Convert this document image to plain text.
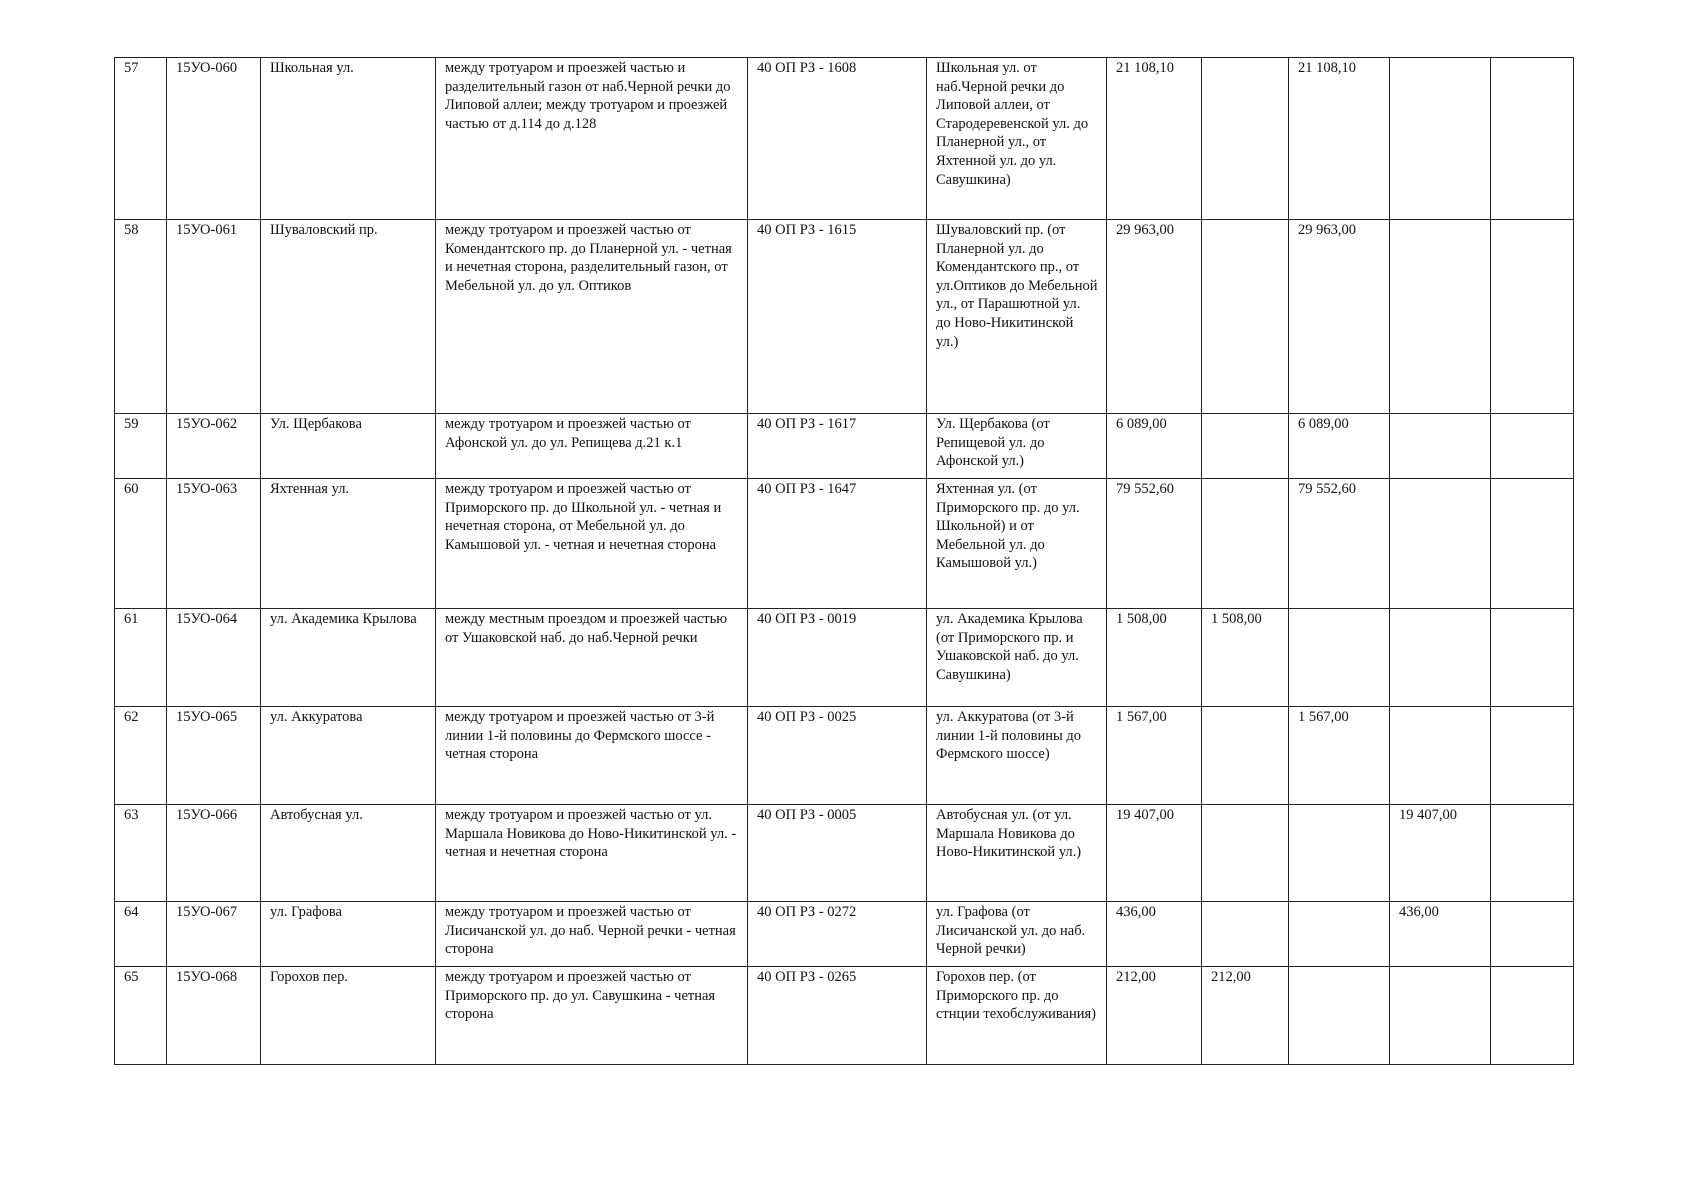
57	15УО-060	Школьная ул.	между тротуаром и проезжей частью и разделительный газон от наб.Черной речки до Липовой аллеи; между тротуаром и проезжей частью от д.114 до д.128	40 ОП РЗ - 1608	Школьная ул. от наб.Черной речки до Липовой аллеи, от Стародеревенской ул. до Планерной ул., от Яхтенной ул. до ул. Савушкина)	21 108,10		21 108,10		
58	15УО-061	Шуваловский пр.	между тротуаром и проезжей частью от Комендантского пр. до Планерной ул. - четная и нечетная сторона, разделительный газон, от Мебельной ул. до ул. Оптиков	40 ОП РЗ - 1615	Шуваловский пр. (от Планерной ул. до Комендантского пр., от ул.Оптиков до Мебельной ул., от Парашютной ул. до Ново-Никитинской ул.)	29 963,00		29 963,00		
59	15УО-062	Ул. Щербакова	между тротуаром и проезжей частью от Афонской ул. до ул. Репищева д.21 к.1	40 ОП РЗ - 1617	Ул. Щербакова (от Репищевой ул. до Афонской ул.)	6 089,00		6 089,00		
60	15УО-063	Яхтенная ул.	между тротуаром и проезжей частью от Приморского пр. до Школьной ул. - четная и нечетная сторона, от Мебельной ул. до Камышовой ул. - четная и нечетная сторона	40 ОП РЗ - 1647	Яхтенная ул. (от Приморского пр. до ул. Школьной) и от Мебельной ул. до Камышовой ул.)	79 552,60		79 552,60		
61	15УО-064	ул. Академика Крылова	между местным проездом и проезжей частью от Ушаковской наб. до наб.Черной речки	40 ОП РЗ - 0019	ул. Академика Крылова (от Приморского пр. и Ушаковской наб. до ул. Савушкина)	1 508,00	1 508,00			
62	15УО-065	ул. Аккуратова	между тротуаром и проезжей частью от 3-й линии 1-й половины до Фермского шоссе - четная сторона	40 ОП РЗ - 0025	ул. Аккуратова (от 3-й линии 1-й половины до Фермского шоссе)	1 567,00		1 567,00		
63	15УО-066	Автобусная ул.	между тротуаром и проезжей частью от ул. Маршала Новикова до Ново-Никитинской ул. - четная и нечетная сторона	40 ОП РЗ - 0005	Автобусная ул. (от ул. Маршала Новикова до Ново-Никитинской ул.)	19 407,00			19 407,00	
64	15УО-067	ул. Графова	между тротуаром и проезжей частью от Лисичанской ул. до наб. Черной речки - четная сторона	40 ОП РЗ - 0272	ул. Графова (от Лисичанской ул. до наб. Черной речки)	436,00			436,00	
65	15УО-068	Горохов пер.	между тротуаром и проезжей частью от Приморского пр. до ул. Савушкина - четная сторона	40 ОП РЗ - 0265	Горохов пер. (от Приморского пр. до стнции техобслуживания)	212,00	212,00			
